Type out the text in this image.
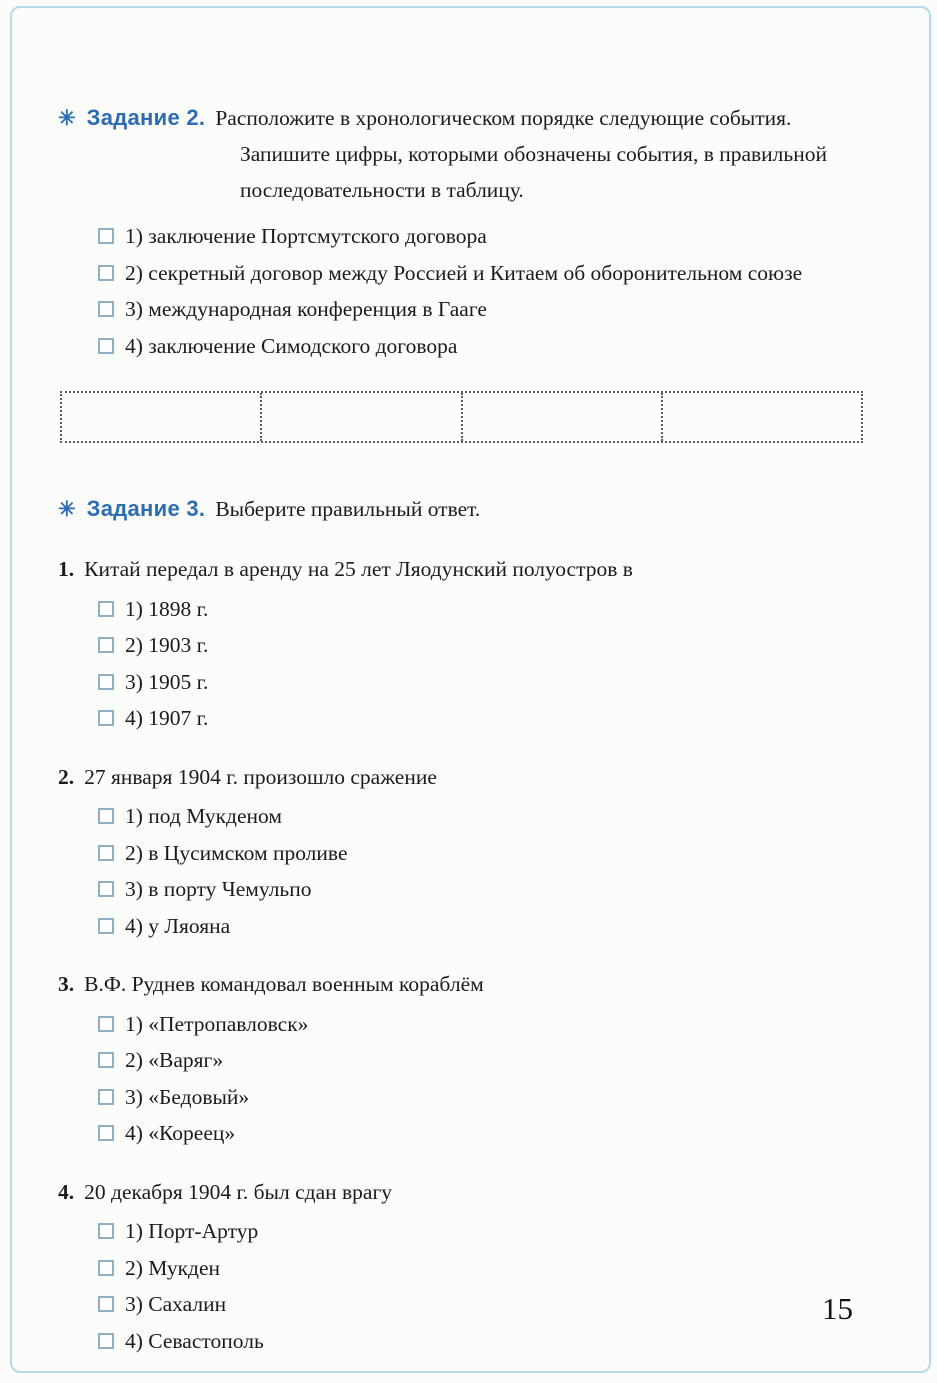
✳ Задание 2. Расположите в хронологическом порядке следующие события. Запишите цифры, которыми обозначены события, в правильной последовательности в таблицу.

1) заключение Портсмутского договора
2) секретный договор между Россией и Китаем об оборонительном союзе
3) международная конференция в Гааге
4) заключение Симодского договора

✳ Задание 3. Выберите правильный ответ.

1. Китай передал в аренду на 25 лет Ляодунский полуостров в

1) 1898 г.
2) 1903 г.
3) 1905 г.
4) 1907 г.

2. 27 января 1904 г. произошло сражение

1) под Мукденом
2) в Цусимском проливе
3) в порту Чемульпо
4) у Ляояна

3. В.Ф. Руднев командовал военным кораблём

1) «Петропавловск»
2) «Варяг»
3) «Бедовый»
4) «Кореец»

4. 20 декабря 1904 г. был сдан врагу

1) Порт-Артур
2) Мукден
3) Сахалин
4) Севастополь
15
